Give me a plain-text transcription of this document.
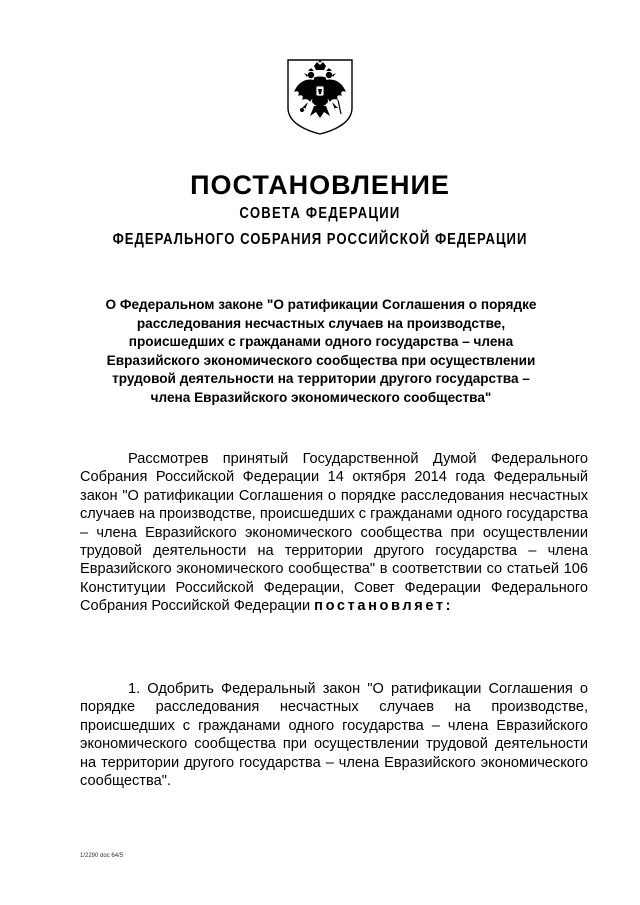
ПОСТАНОВЛЕНИЕ
СОВЕТА ФЕДЕРАЦИИ
ФЕДЕРАЛЬНОГО СОБРАНИЯ РОССИЙСКОЙ ФЕДЕРАЦИИ
О Федеральном законе "О ратификации Соглашения о порядке расследования несчастных случаев на производстве, происшедших с гражданами одного государства – члена Евразийского экономического сообщества при осуществлении трудовой деятельности на территории другого государства – члена Евразийского экономического сообщества"
Рассмотрев принятый Государственной Думой Федерального Собрания Российской Федерации 14 октября 2014 года Федеральный закон "О ратификации Соглашения о порядке расследования несчастных случаев на производстве, происшедших с гражданами одного государства – члена Евразийского экономического сообщества при осуществлении трудовой деятельности на территории другого государства – члена Евразийского экономического сообщества" в соответствии со статьей 106 Конституции Российской Федерации, Совет Федерации Федерального Собрания Российской Федерации постановляет:
1. Одобрить Федеральный закон "О ратификации Соглашения о порядке расследования несчастных случаев на производстве, происшедших с гражданами одного государства – члена Евразийского экономического сообщества при осуществлении трудовой деятельности на территории другого государства – члена Евразийского экономического сообщества".
1/2290 doc 64/5
